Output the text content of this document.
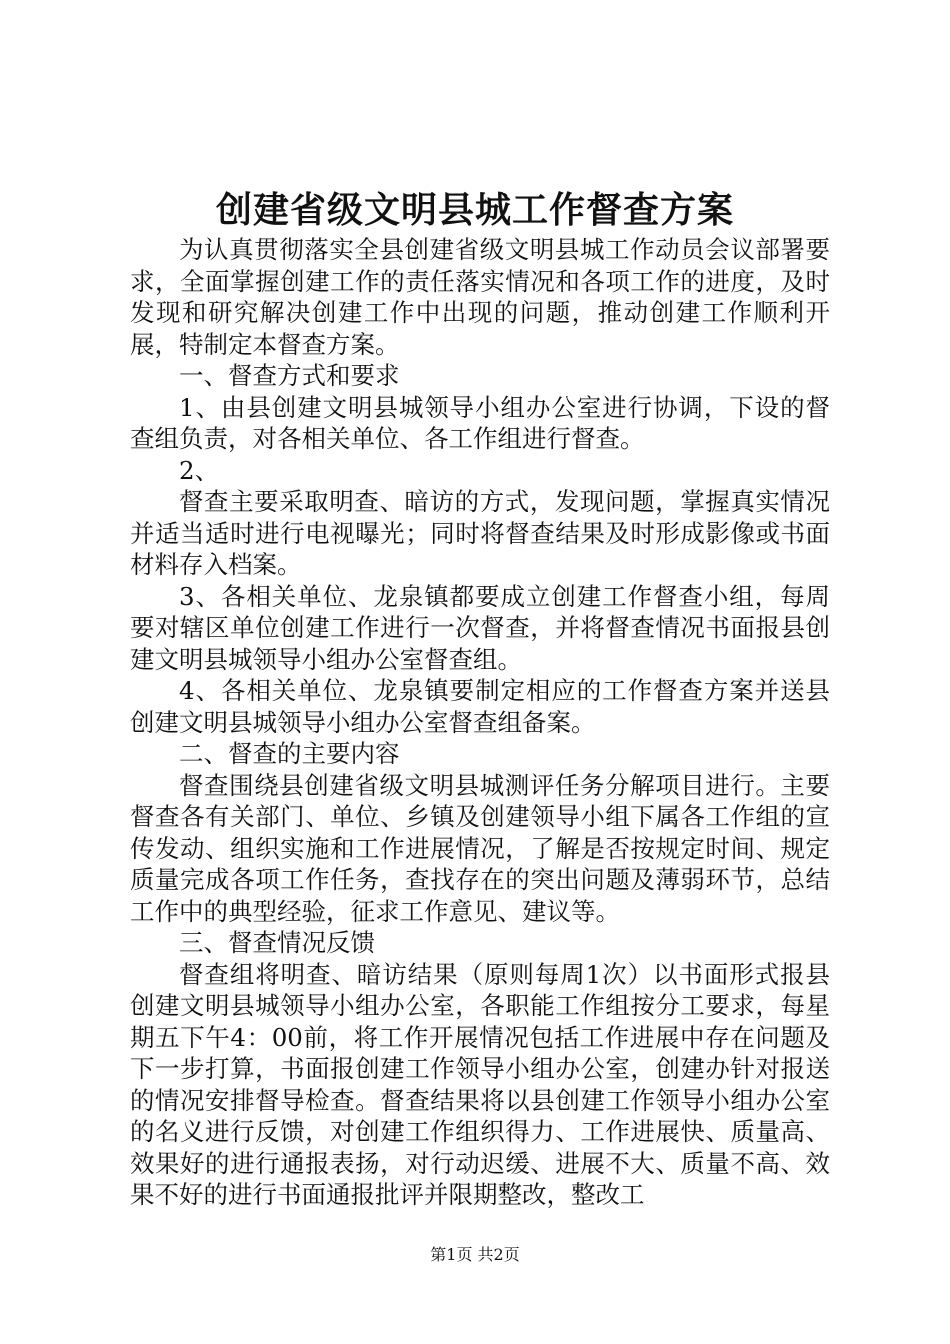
创建省级文明县城工作督查方案

为认真贯彻落实全县创建省级文明县城工作动员会议部署要求，全面掌握创建工作的责任落实情况和各项工作的进度，及时发现和研究解决创建工作中出现的问题，推动创建工作顺利开展，特制定本督查方案。

一、督查方式和要求

1、由县创建文明县城领导小组办公室进行协调，下设的督查组负责，对各相关单位、各工作组进行督查。

2、

督查主要采取明查、暗访的方式，发现问题，掌握真实情况并适当适时进行电视曝光；同时将督查结果及时形成影像或书面材料存入档案。

3、各相关单位、龙泉镇都要成立创建工作督查小组，每周要对辖区单位创建工作进行一次督查，并将督查情况书面报县创建文明县城领导小组办公室督查组。

4、各相关单位、龙泉镇要制定相应的工作督查方案并送县创建文明县城领导小组办公室督查组备案。

二、督查的主要内容

督查围绕县创建省级文明县城测评任务分解项目进行。主要督查各有关部门、单位、乡镇及创建领导小组下属各工作组的宣传发动、组织实施和工作进展情况，了解是否按规定时间、规定质量完成各项工作任务，查找存在的突出问题及薄弱环节，总结工作中的典型经验，征求工作意见、建议等。

三、督查情况反馈

督查组将明查、暗访结果（原则每周1次）以书面形式报县创建文明县城领导小组办公室，各职能工作组按分工要求，每星期五下午4：00前，将工作开展情况包括工作进展中存在问题及下一步打算，书面报创建工作领导小组办公室，创建办针对报送的情况安排督导检查。督查结果将以县创建工作领导小组办公室的名义进行反馈，对创建工作组织得力、工作进展快、质量高、效果好的进行通报表扬，对行动迟缓、进展不大、质量不高、效果不好的进行书面通报批评并限期整改，整改工

第1页 共2页
